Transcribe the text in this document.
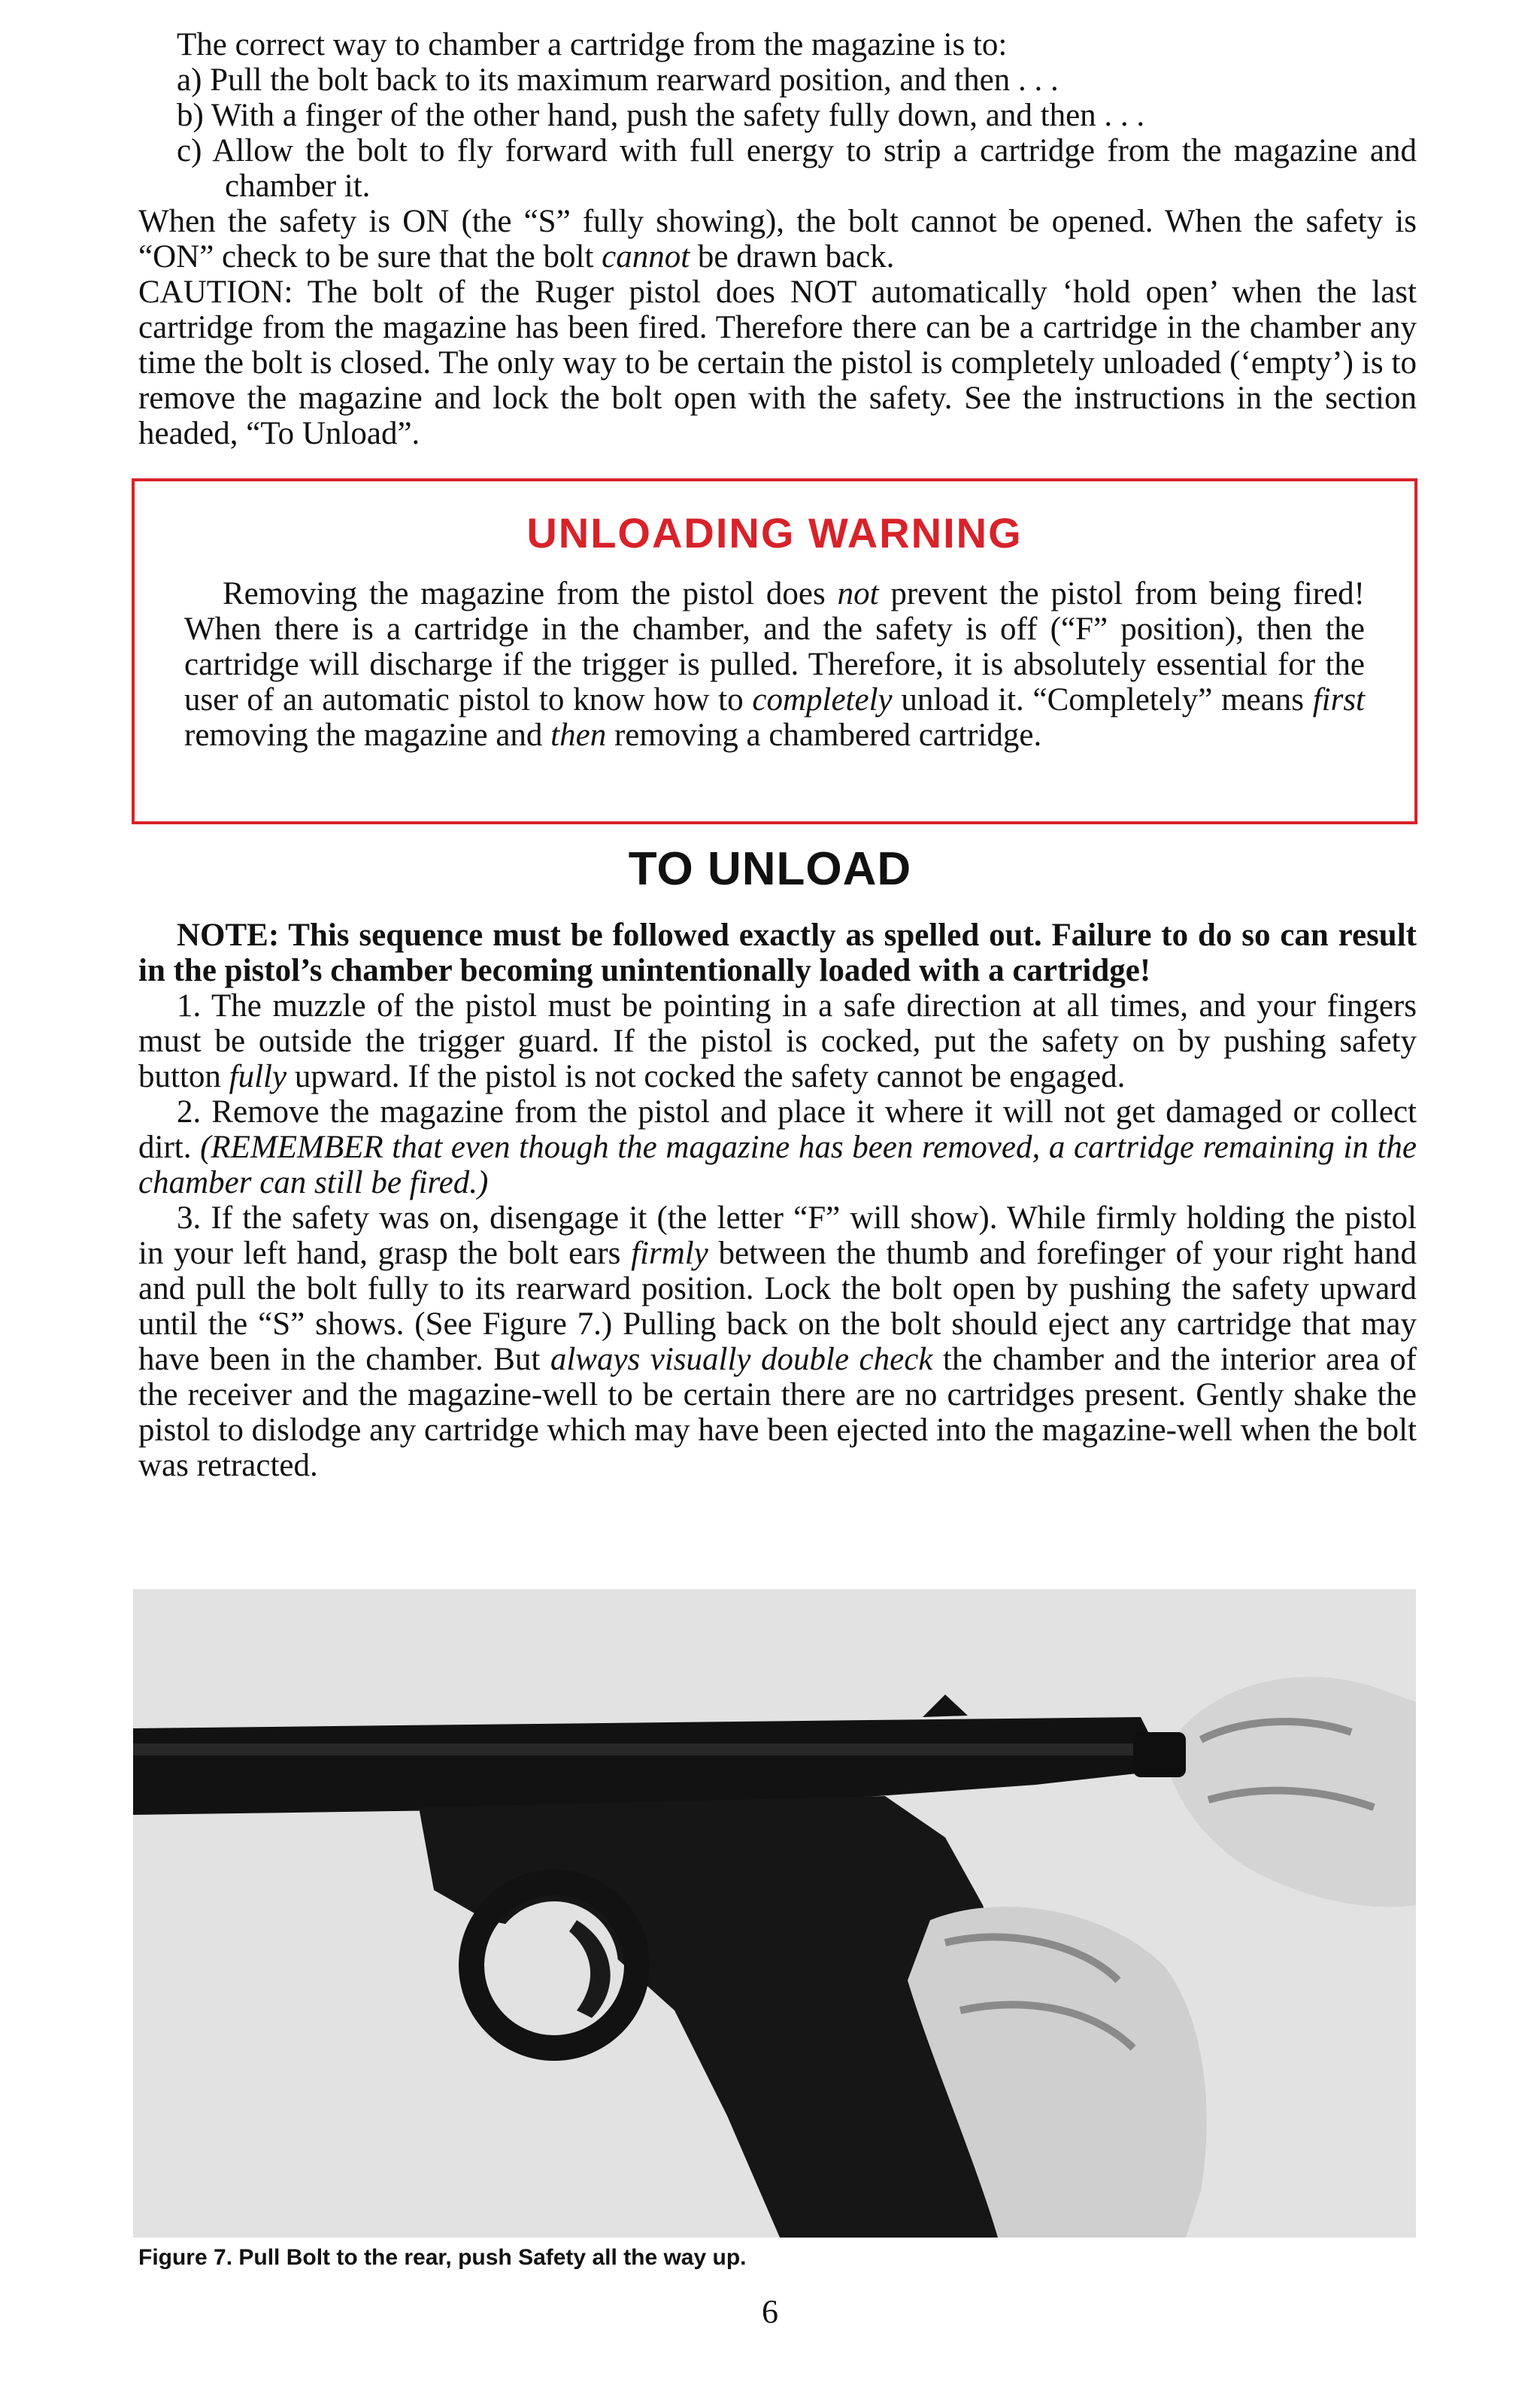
The correct way to chamber a cartridge from the magazine is to:

a) Pull the bolt back to its maximum rearward position, and then . . .

b) With a finger of the other hand, push the safety fully down, and then . . .

c) Allow the bolt to fly forward with full energy to strip a cartridge from the magazine and chamber it.

When the safety is ON (the “S” fully showing), the bolt cannot be opened. When the safety is “ON” check to be sure that the bolt cannot be drawn back.

CAUTION: The bolt of the Ruger pistol does NOT automatically ‘hold open’ when the last cartridge from the magazine has been fired. Therefore there can be a cartridge in the chamber any time the bolt is closed. The only way to be certain the pistol is completely unloaded (‘empty’) is to remove the magazine and lock the bolt open with the safety. See the instructions in the section headed, “To Unload”.

UNLOADING WARNING

Removing the magazine from the pistol does not prevent the pistol from being fired! When there is a cartridge in the chamber, and the safety is off (“F” position), then the cartridge will discharge if the trigger is pulled. Therefore, it is absolutely essential for the user of an automatic pistol to know how to completely unload it. “Completely” means first removing the magazine and then removing a chambered cartridge.

TO UNLOAD

NOTE: This sequence must be followed exactly as spelled out. Failure to do so can result in the pistol’s chamber becoming unintentionally loaded with a cartridge!

1. The muzzle of the pistol must be pointing in a safe direction at all times, and your fingers must be outside the trigger guard. If the pistol is cocked, put the safety on by pushing safety button fully upward. If the pistol is not cocked the safety cannot be engaged.

2. Remove the magazine from the pistol and place it where it will not get damaged or collect dirt. (REMEMBER that even though the magazine has been removed, a cartridge remaining in the chamber can still be fired.)

3. If the safety was on, disengage it (the letter “F” will show). While firmly holding the pistol in your left hand, grasp the bolt ears firmly between the thumb and forefinger of your right hand and pull the bolt fully to its rearward position. Lock the bolt open by pushing the safety upward until the “S” shows. (See Figure 7.) Pulling back on the bolt should eject any cartridge that may have been in the chamber. But always visually double check the chamber and the interior area of the receiver and the magazine-well to be certain there are no cartridges present. Gently shake the pistol to dislodge any cartridge which may have been ejected into the magazine-well when the bolt was retracted.

Figure 7. Pull Bolt to the rear, push Safety all the way up.
6
